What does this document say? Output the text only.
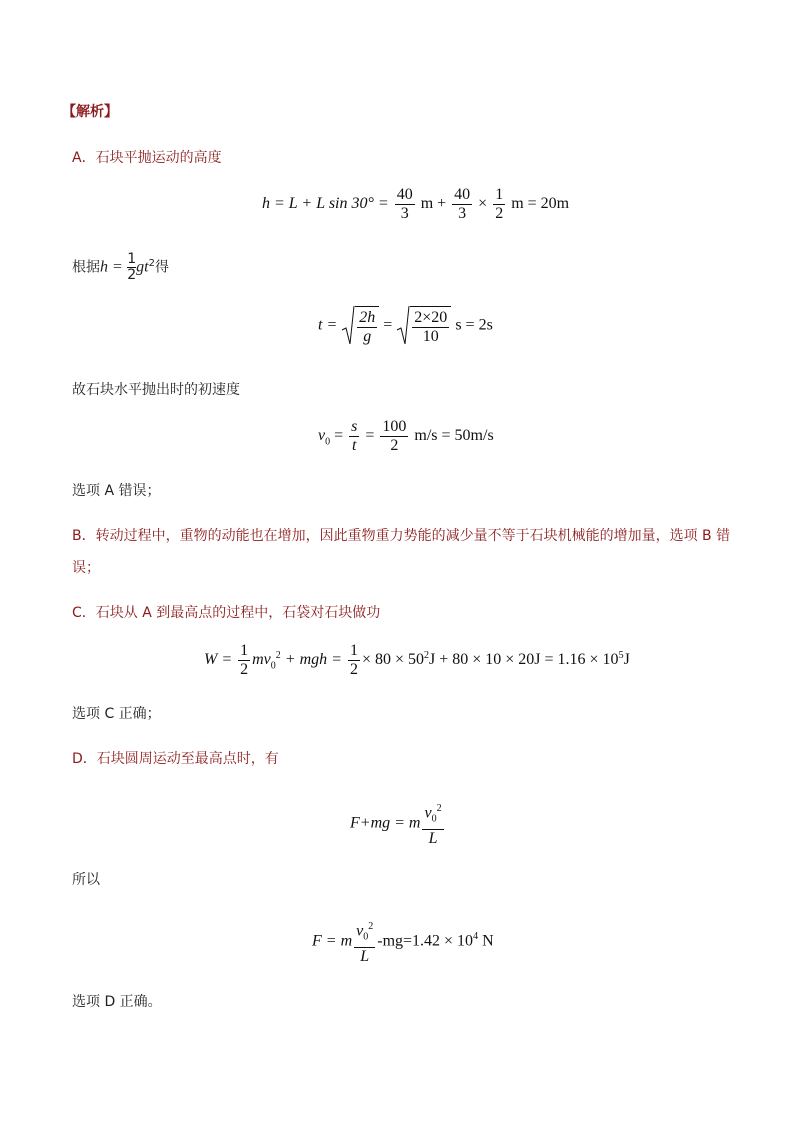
【解析】
A．石块平抛运动的高度
h = L + L $\sin 30^\circ = \frac{40}{3}$ $m + \frac{40}{3} \times \frac{1}{2}$ m = 20m
根据$h = \frac{1}{2} gt^2$得
$t = \frac{2h}{g} = \frac{2\times 20}{10}$ s = 2s
故石块水平抛出时的初速度
$v_0 = \frac{s}{t} = \frac{100}{2} m/s = 50m/s$
选项 A 错误；
B．转动过程中，重物的动能也在增加，因此重物重力势能的减少量不等于石块机械能的增加量，选项 B 错
误；
C．石块从 A 到最高点的过程中，石袋对石块做功
$W = \frac{1}{2} mv_0^2$ + mgh = $\frac{1}{2} \times 80 \times 50^2J + 80 \times 10 \times 20J = 1.16 \times 10^5J$
选项 C 正确；
D．石块圆周运动至最高点时，有
F+mg = m $\frac{v_0^2}{L}$
所以
F = m $\frac{v_0^2}{L} -mg=1.42 \times 10^4$ N
选项 D 正确。
